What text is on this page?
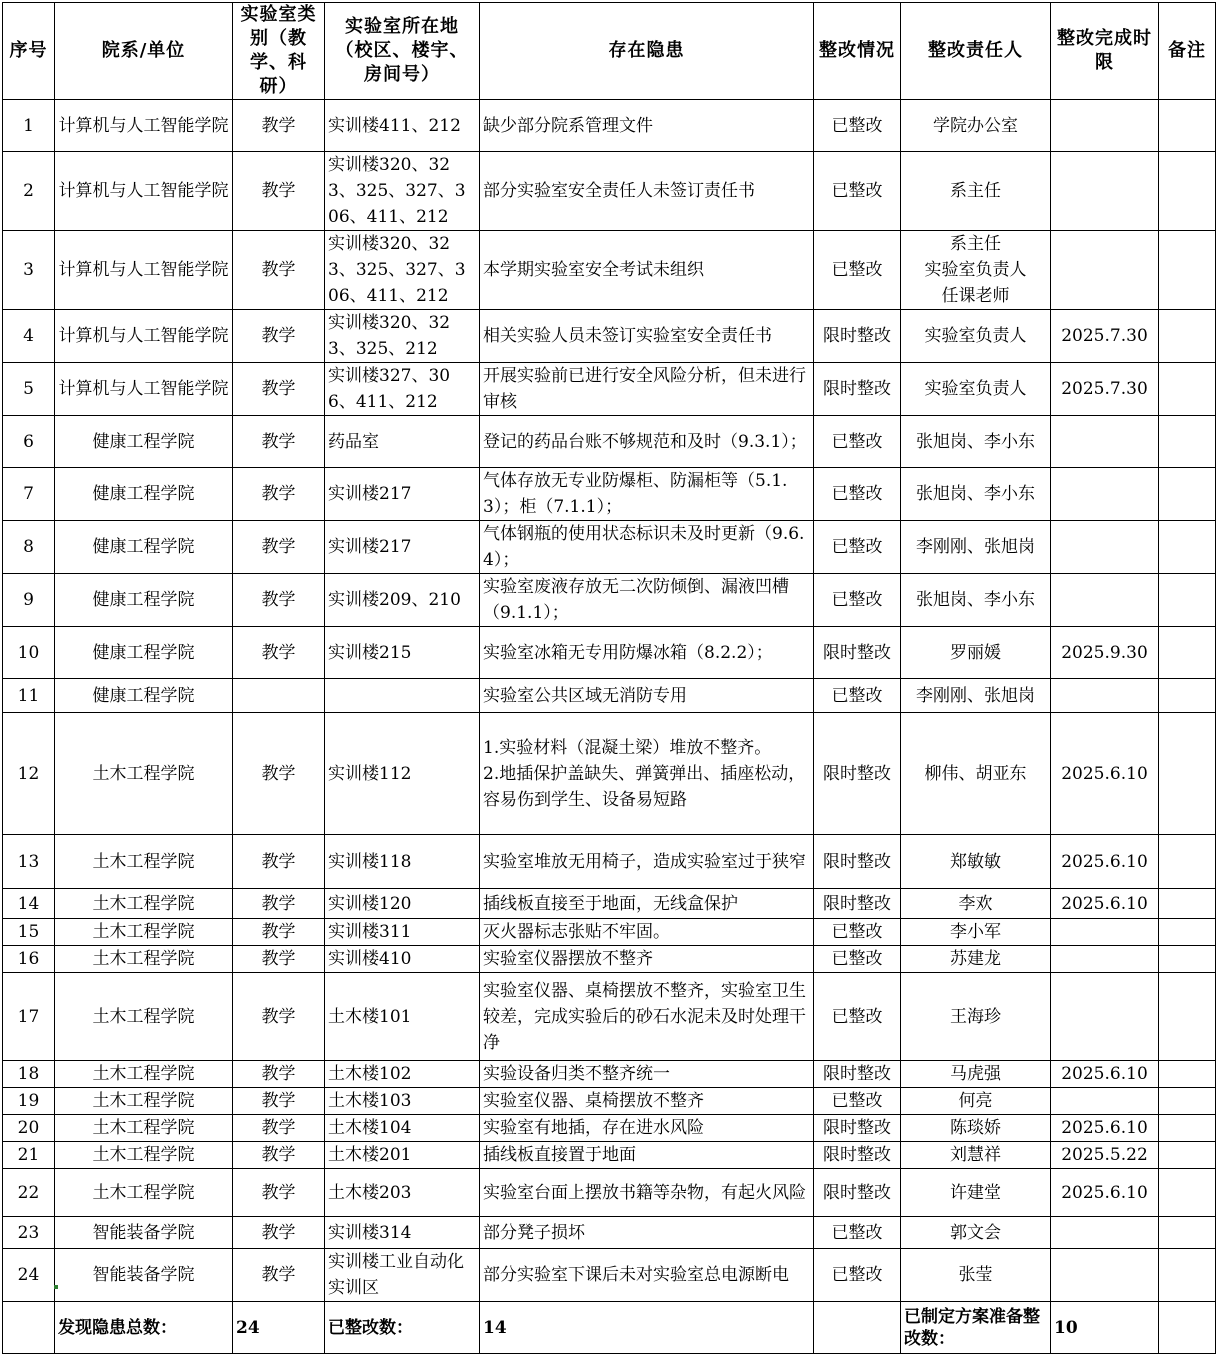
序号	院系/单位	实验室类别（教学、科研）	实验室所在地（校区、楼宇、房间号）	存在隐患	整改情况	整改责任人	整改完成时限	备注
1	计算机与人工智能学院	教学	实训楼411、212	缺少部分院系管理文件	已整改	学院办公室		
2	计算机与人工智能学院	教学	实训楼320、323、325、327、306、411、212	部分实验室安全责任人未签订责任书	已整改	系主任		
3	计算机与人工智能学院	教学	实训楼320、323、325、327、306、411、212	本学期实验室安全考试未组织	已整改	系主任
实验室负责人
任课老师		
4	计算机与人工智能学院	教学	实训楼320、323、325、212	相关实验人员未签订实验室安全责任书	限时整改	实验室负责人	2025.7.30	
5	计算机与人工智能学院	教学	实训楼327、306、411、212	开展实验前已进行安全风险分析，但未进行审核	限时整改	实验室负责人	2025.7.30	
6	健康工程学院	教学	药品室	登记的药品台账不够规范和及时（9.3.1）；	已整改	张旭岗、李小东		
7	健康工程学院	教学	实训楼217	气体存放无专业防爆柜、防漏柜等（5.1.3）；柜（7.1.1）；	已整改	张旭岗、李小东		
8	健康工程学院	教学	实训楼217	气体钢瓶的使用状态标识未及时更新（9.6.4）；	已整改	李刚刚、张旭岗		
9	健康工程学院	教学	实训楼209、210	实验室废液存放无二次防倾倒、漏液凹槽（9.1.1）；	已整改	张旭岗、李小东		
10	健康工程学院	教学	实训楼215	实验室冰箱无专用防爆冰箱（8.2.2）；	限时整改	罗丽媛	2025.9.30	
11	健康工程学院			实验室公共区域无消防专用	已整改	李刚刚、张旭岗		
12	土木工程学院	教学	实训楼112	1.实验材料（混凝土梁）堆放不整齐。
2.地插保护盖缺失、弹簧弹出、插座松动，容易伤到学生、设备易短路	限时整改	柳伟、胡亚东	2025.6.10	
13	土木工程学院	教学	实训楼118	实验室堆放无用椅子，造成实验室过于狭窄	限时整改	郑敏敏	2025.6.10	
14	土木工程学院	教学	实训楼120	插线板直接至于地面，无线盒保护	限时整改	李欢	2025.6.10	
15	土木工程学院	教学	实训楼311	灭火器标志张贴不牢固。	已整改	李小军		
16	土木工程学院	教学	实训楼410	实验室仪器摆放不整齐	已整改	苏建龙		
17	土木工程学院	教学	土木楼101	实验室仪器、桌椅摆放不整齐，实验室卫生较差，完成实验后的砂石水泥未及时处理干净	已整改	王海珍		
18	土木工程学院	教学	土木楼102	实验设备归类不整齐统一	限时整改	马虎强	2025.6.10	
19	土木工程学院	教学	土木楼103	实验室仪器、桌椅摆放不整齐	已整改	何亮		
20	土木工程学院	教学	土木楼104	实验室有地插，存在进水风险	限时整改	陈琰娇	2025.6.10	
21	土木工程学院	教学	土木楼201	插线板直接置于地面	限时整改	刘慧祥	2025.5.22	
22	土木工程学院	教学	土木楼203	实验室台面上摆放书籍等杂物，有起火风险	限时整改	许建堂	2025.6.10	
23	智能装备学院	教学	实训楼314	部分凳子损坏	已整改	郭文会		
24	智能装备学院	教学	实训楼工业自动化实训区	部分实验室下课后未对实验室总电源断电	已整改	张莹		
	发现隐患总数：	24	已整改数：	14		已制定方案准备整改数：	10	
